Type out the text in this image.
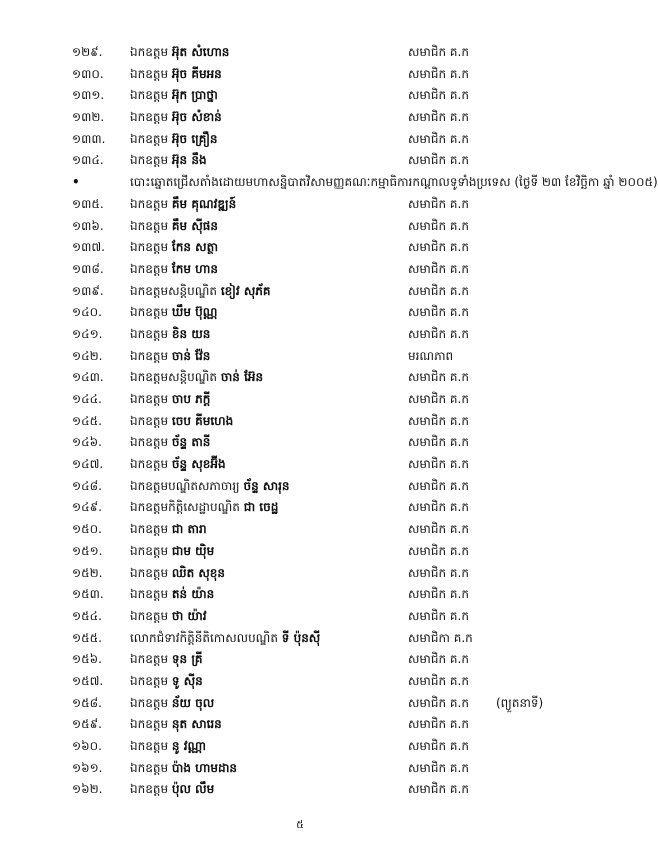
១២៩.	ឯកឧត្តម អ៊ុត សំហោន	សមាជិក គ.ក
១៣០.	ឯកឧត្តម អ៊ុច គីមអន	សមាជិក គ.ក
១៣១.	ឯកឧត្តម អ៊ុក ប្រាថ្នា	សមាជិក គ.ក
១៣២.	ឯកឧត្តម អ៊ុច សំខាន់	សមាជិក គ.ក
១៣៣.	ឯកឧត្តម អ៊ុច គ្រឿន	សមាជិក គ.ក
១៣៤.	ឯកឧត្តម អ៊ុន នឹង	សមាជិក គ.ក
•	បោះឆ្នោតជ្រើសតាំងដោយមហាសន្និបាតវិសាមញ្ញគណៈកម្មាធិការកណ្តាលទូទាំងប្រទេស (ថ្ងៃទី ២៣ ខែវិច្ឆិកា ឆ្នាំ ២០០៥)
១៣៥.	ឯកឧត្តម គឹម គុណវឌ្ឍន៍	សមាជិក គ.ក
១៣៦.	ឯកឧត្តម គឹម ស៊ីផន	សមាជិក គ.ក
១៣៧.	ឯកឧត្តម កែន សត្ថា	សមាជិក គ.ក
១៣៨.	ឯកឧត្តម កែម ហាន	សមាជិក គ.ក
១៣៩.	ឯកឧត្តមសន្តិបណ្ឌិត ខៀវ សុភ័គ	សមាជិក គ.ក
១៤០.	ឯកឧត្តម ឃឹម ប៊ុណ្ណ	សមាជិក គ.ក
១៤១.	ឯកឧត្តម ខិន យន	សមាជិក គ.ក
១៤២.	ឯកឧត្តម ចាន់ វ៉ែន	មរណភាព
១៤៣.	ឯកឧត្តមសន្តិបណ្ឌិត ចាន់ អ៊ែន	សមាជិក គ.ក
១៤៤.	ឯកឧត្តម ចាប ភក្តី	សមាជិក គ.ក
១៤៥.	ឯកឧត្តម ចេប គីមហេង	សមាជិក គ.ក
១៤៦.	ឯកឧត្តម ច័ន្ទ តានី	សមាជិក គ.ក
១៤៧.	ឯកឧត្តម ច័ន្ទ សុខអ៊ីង	សមាជិក គ.ក
១៤៨.	ឯកឧត្តមបណ្ឌិតសភាចារ្យ ច័ន្ទ សារុន	សមាជិក គ.ក
១៤៩.	ឯកឧត្តមកិត្តិសេដ្ឋាបណ្ឌិត ជា ចេដ្ឋ	សមាជិក គ.ក
១៥០.	ឯកឧត្តម ជា តារា	សមាជិក គ.ក
១៥១.	ឯកឧត្តម ជាម យ៉ិម	សមាជិក គ.ក
១៥២.	ឯកឧត្តម ឈិត សុខុន	សមាជិក គ.ក
១៥៣.	ឯកឧត្តម តន់ យ៉ាន	សមាជិក គ.ក
១៥៤.	ឯកឧត្តម ថា យ៉ាវ	សមាជិក គ.ក
១៥៥.	លោកជំទាវកិត្តិនីតិកោសលបណ្ឌិត ទី ប៉ុនស៊ី	សមាជិកា គ.ក
១៥៦.	ឯកឧត្តម ទុន គ្រី	សមាជិក គ.ក
១៥៧.	ឯកឧត្តម ទូ ស៊ីន	សមាជិក គ.ក
១៥៨.	ឯកឧត្តម ន័យ ចុល	សមាជិក គ.ក (ព្យួតនាទី)
១៥៩.	ឯកឧត្តម នុត សារេន	សមាជិក គ.ក
១៦០.	ឯកឧត្តម នូ វណ្ណា	សមាជិក គ.ក
១៦១.	ឯកឧត្តម ប៉ាង ហាមដាន	សមាជិក គ.ក
១៦២.	ឯកឧត្តម ប៉ុល លឹម	សមាជិក គ.ក
៥
